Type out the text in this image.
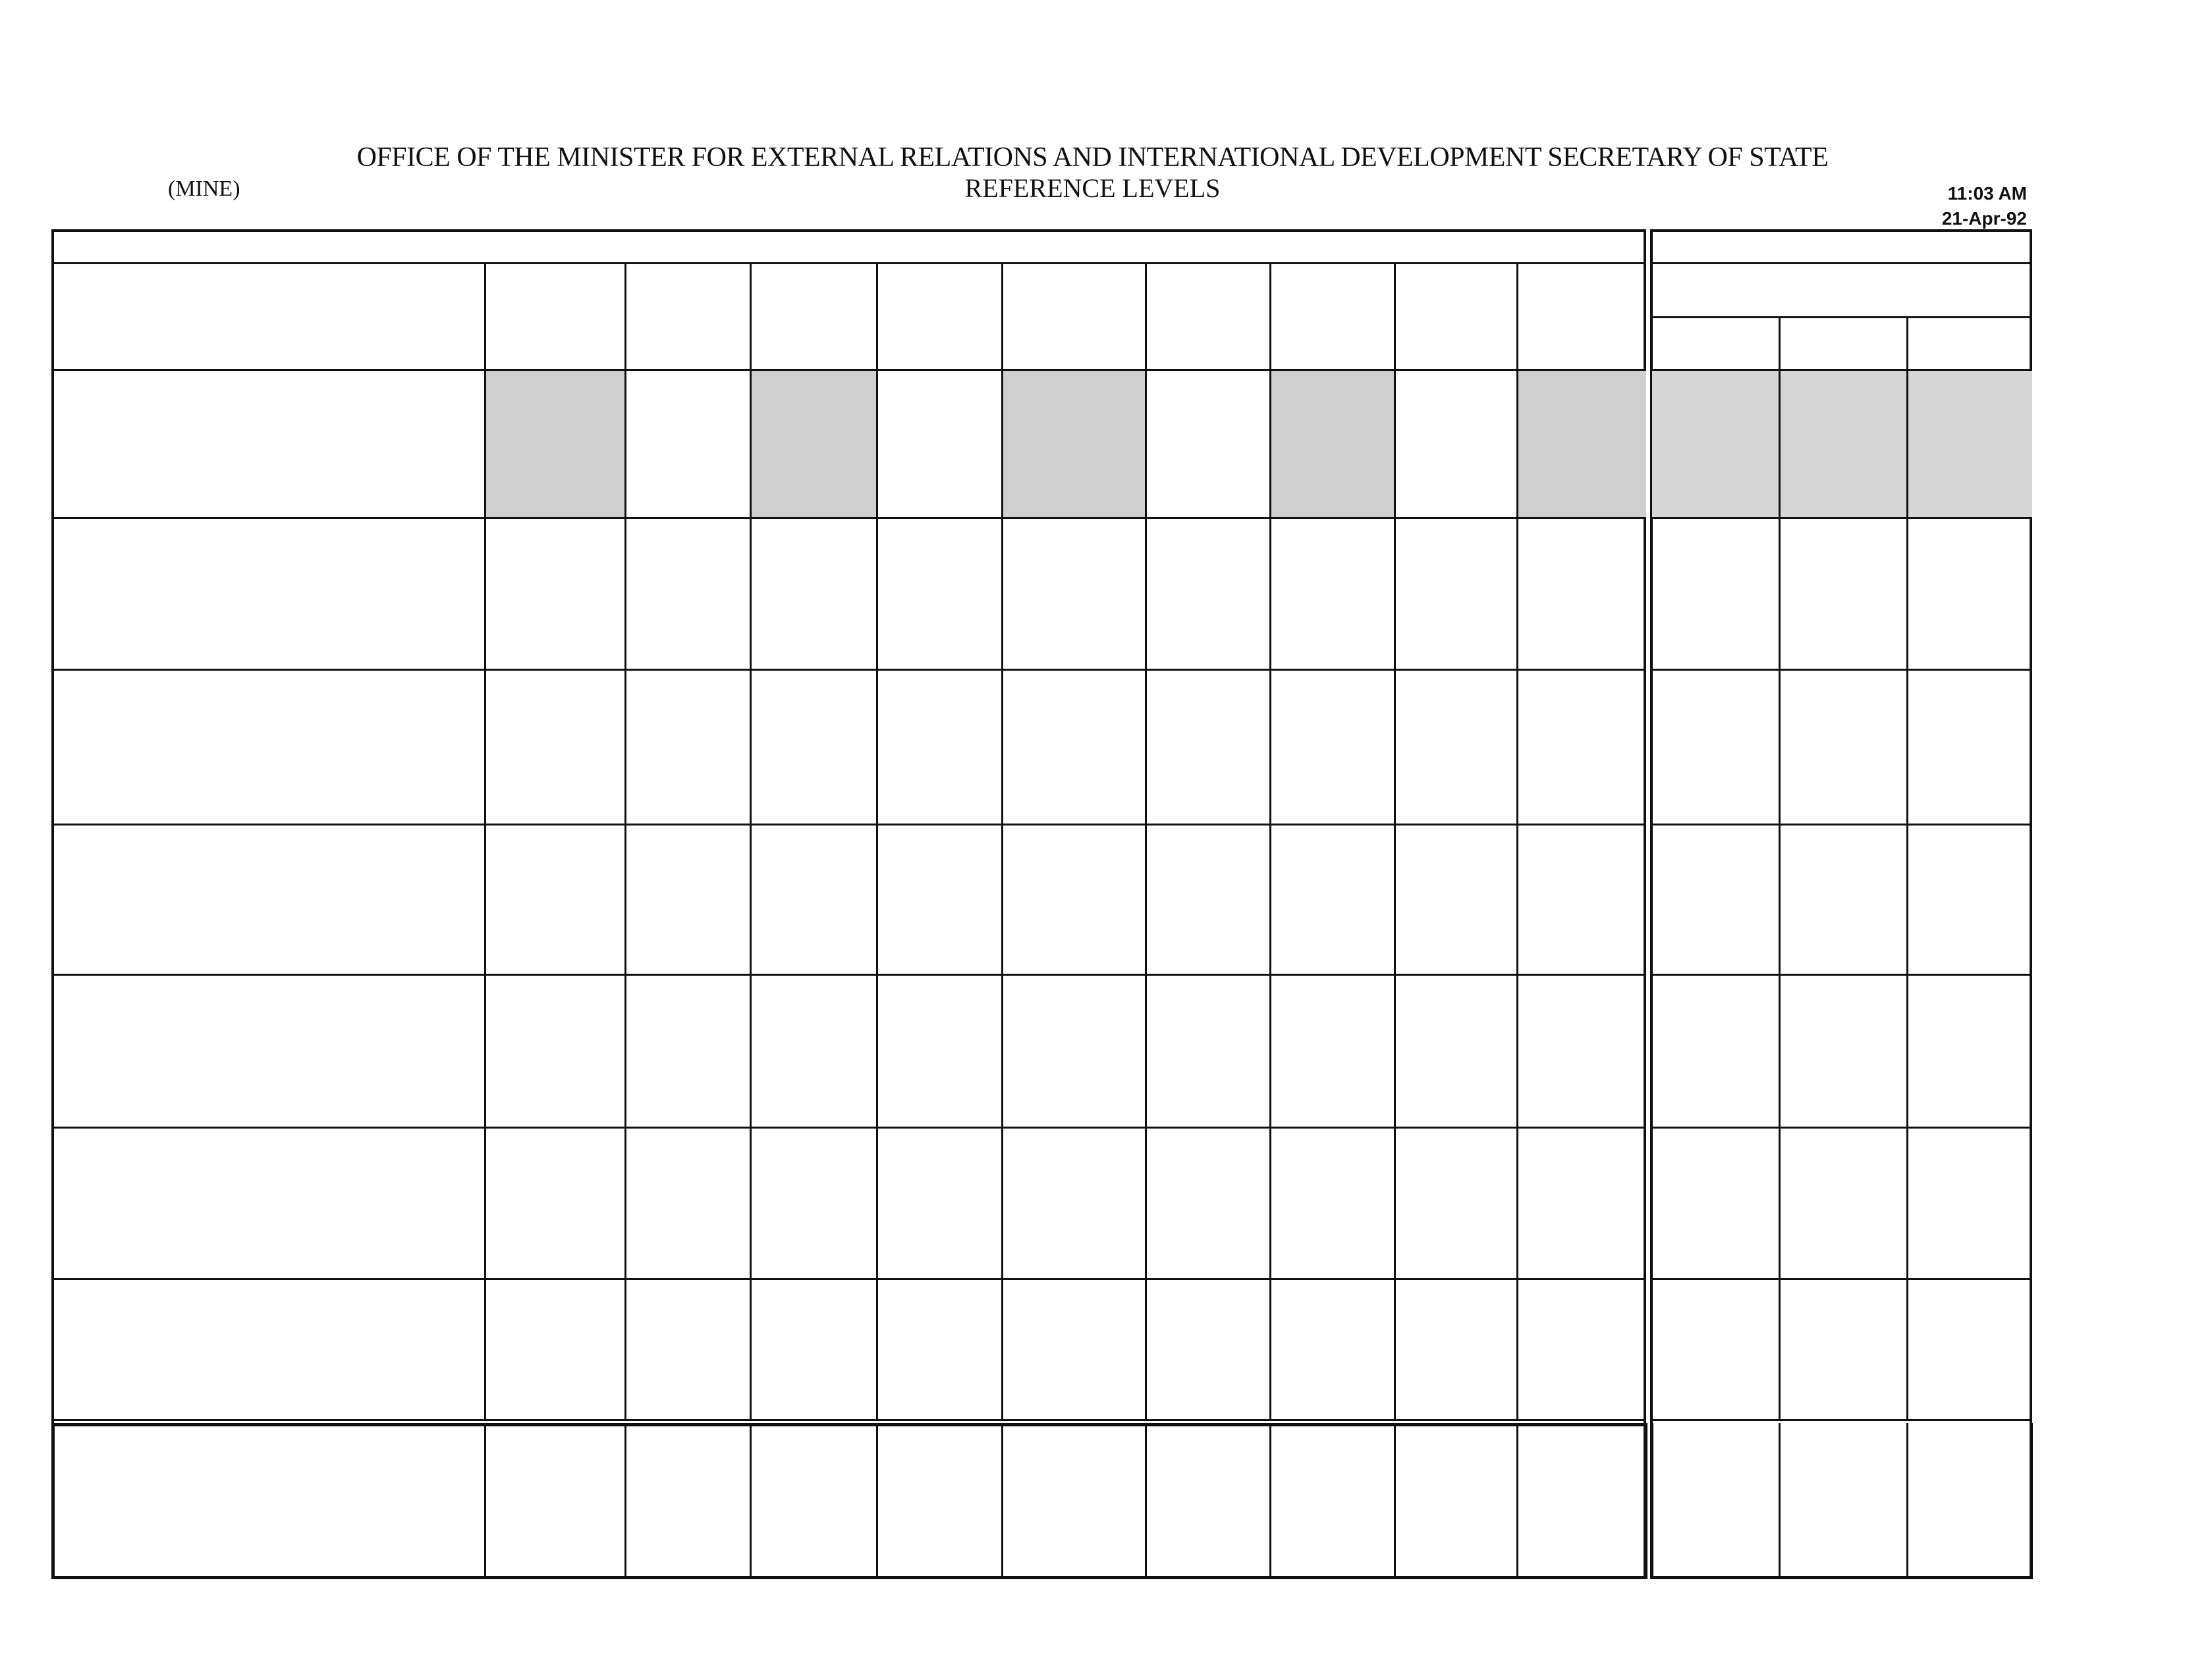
OFFICE OF THE MINISTER FOR EXTERNAL RELATIONS AND INTERNATIONAL DEVELOPMENT SECRETARY OF STATE
REFERENCE LEVELS
(MINE)	11:03 AM
21-Apr-92
